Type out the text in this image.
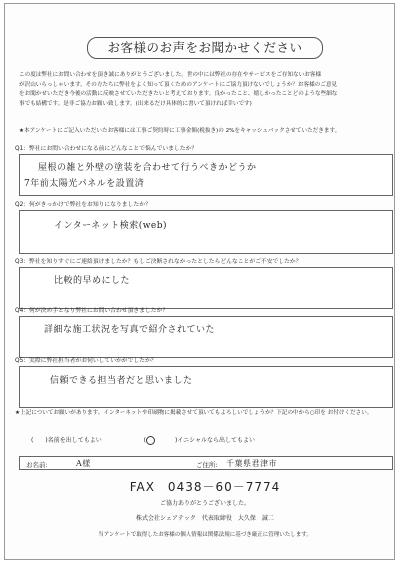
お客様のお声をお聞かせください

この度は弊社にお問い合わせを頂き誠にありがとうございました。世の中には弊社の存在やサービスをご存知ないお客様

が沢山いらっしゃいます。その方たちに弊社をよく知って頂くためのアンケートにご協力頂けないでしょうか？お客様のご意見

をお聞かせいただき今後の活動に反映させていただきたいと考えております。良かったこと、嬉しかったことどのような些細な

事でも結構です。是非ご協力お願い致します。(出来るだけ具体的に書いて頂ければ幸いです)

★本アンケートにご記入いただいたお客様には工事ご契約時に工事金額(税抜き)の 2%をキャッシュバックさせていただきます。
Q1：弊社にお問い合わせになる前にどんなことで悩んでいましたか？
屋根の雑と外壁の塗装を合わせて行うべきかどうか
7年前太陽光パネルを設置済
Q2：何がきっかけで弊社をお知りになりましたか？
インターネット検索(web)
Q3：弊社を知りすぐにご連絡頂けましたか？もしご決断されなかったとしたらどんなことがご不安でしたか？
比較的早めにした
Q4：何が決め手となり弊社にお問い合わせ頂きましたか？
詳細な施工状況を写真で紹介されていた
Q5：実際に弊社担当者がお伺いしていかがでしたか？
信頼できる担当者だと思いました
★上記についてお願いがあります。インターネットや印刷物に掲載させて頂いてもよろしいでしょうか？下記の中から○印を お付けください。
(　　)名前を出してもよい	(	)イニシャルなら出してもよい
お名前:	A様	ご住所: 千葉県君津市
FAX　0438－60－7774
ご協力ありがとうございました。
株式会社シェアテック　代表取締役　大久保　誠二
当アンケートで取得したお客様の個人情報は関係法規に基づき厳正に管理いたします。
